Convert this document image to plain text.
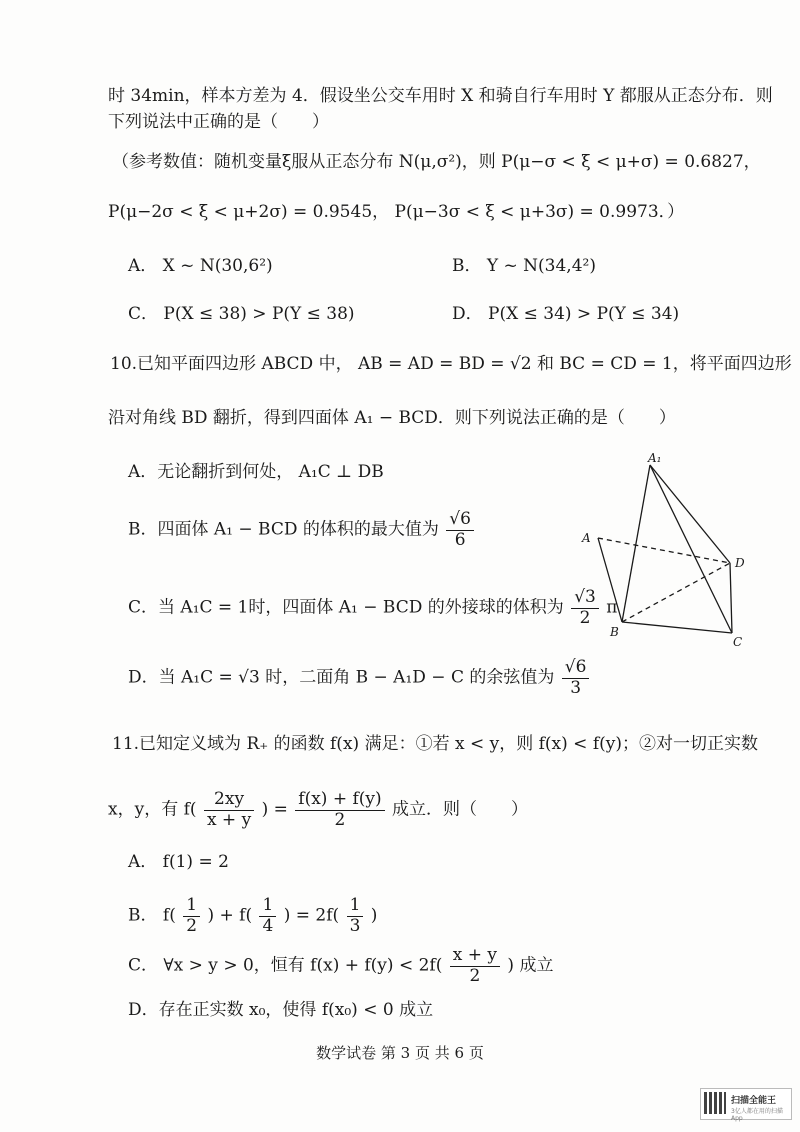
时 34min，样本方差为 4．假设坐公交车用时 X 和骑自行车用时 Y 都服从正态分布．则
下列说法中正确的是（　　）
（参考数值：随机变量ξ服从正态分布 N(μ,σ²)，则 P(μ−σ < ξ < μ+σ) = 0.6827，
P(μ−2σ < ξ < μ+2σ) = 0.9545， P(μ−3σ < ξ < μ+3σ) = 0.9973．）
A． X ~ N(30,6²)	B． Y ~ N(34,4²)
C． P(X ≤ 38) > P(Y ≤ 38)	D． P(X ≤ 34) > P(Y ≤ 34)
10.已知平面四边形 ABCD 中， AB = AD = BD = √2 和 BC = CD = 1，将平面四边形
沿对角线 BD 翻折，得到四面体 A₁ − BCD．则下列说法正确的是（　　）
A．无论翻折到何处， A₁C ⊥ DB
B．四面体 A₁ − BCD 的体积的最大值为 $\frac{√6}{6}$
C．当 A₁C = 1时，四面体 A₁ − BCD 的外接球的体积为 $\frac{√3}{2}$ π
D．当 A₁C = √3 时，二面角 B − A₁D − C 的余弦值为 $\frac{√6}{3}$
A₁
A
D
B
C
11.已知定义域为 R₊ 的函数 f(x) 满足：①若 x < y，则 f(x) < f(y)；②对一切正实数
x，y，有 $f( \frac{2xy}{x + y}$ ) = $\frac{f(x) + f(y)}{2}$ 成立．则（　　）
A． f(1) = 2
B． $f( \frac{1}{2}$ ) + $f( \frac{1}{4}$ ) = $2f( \frac{1}{3}$ )
C． ∀x > y > 0，恒有 $f(x) + f(y) < 2f( \frac{x + y}{2}$ ) 成立
D．存在正实数 x₀，使得 f(x₀) < 0 成立
数学试卷 第 3 页 共 6 页
扫描全能王
3亿人都在用的扫描App
